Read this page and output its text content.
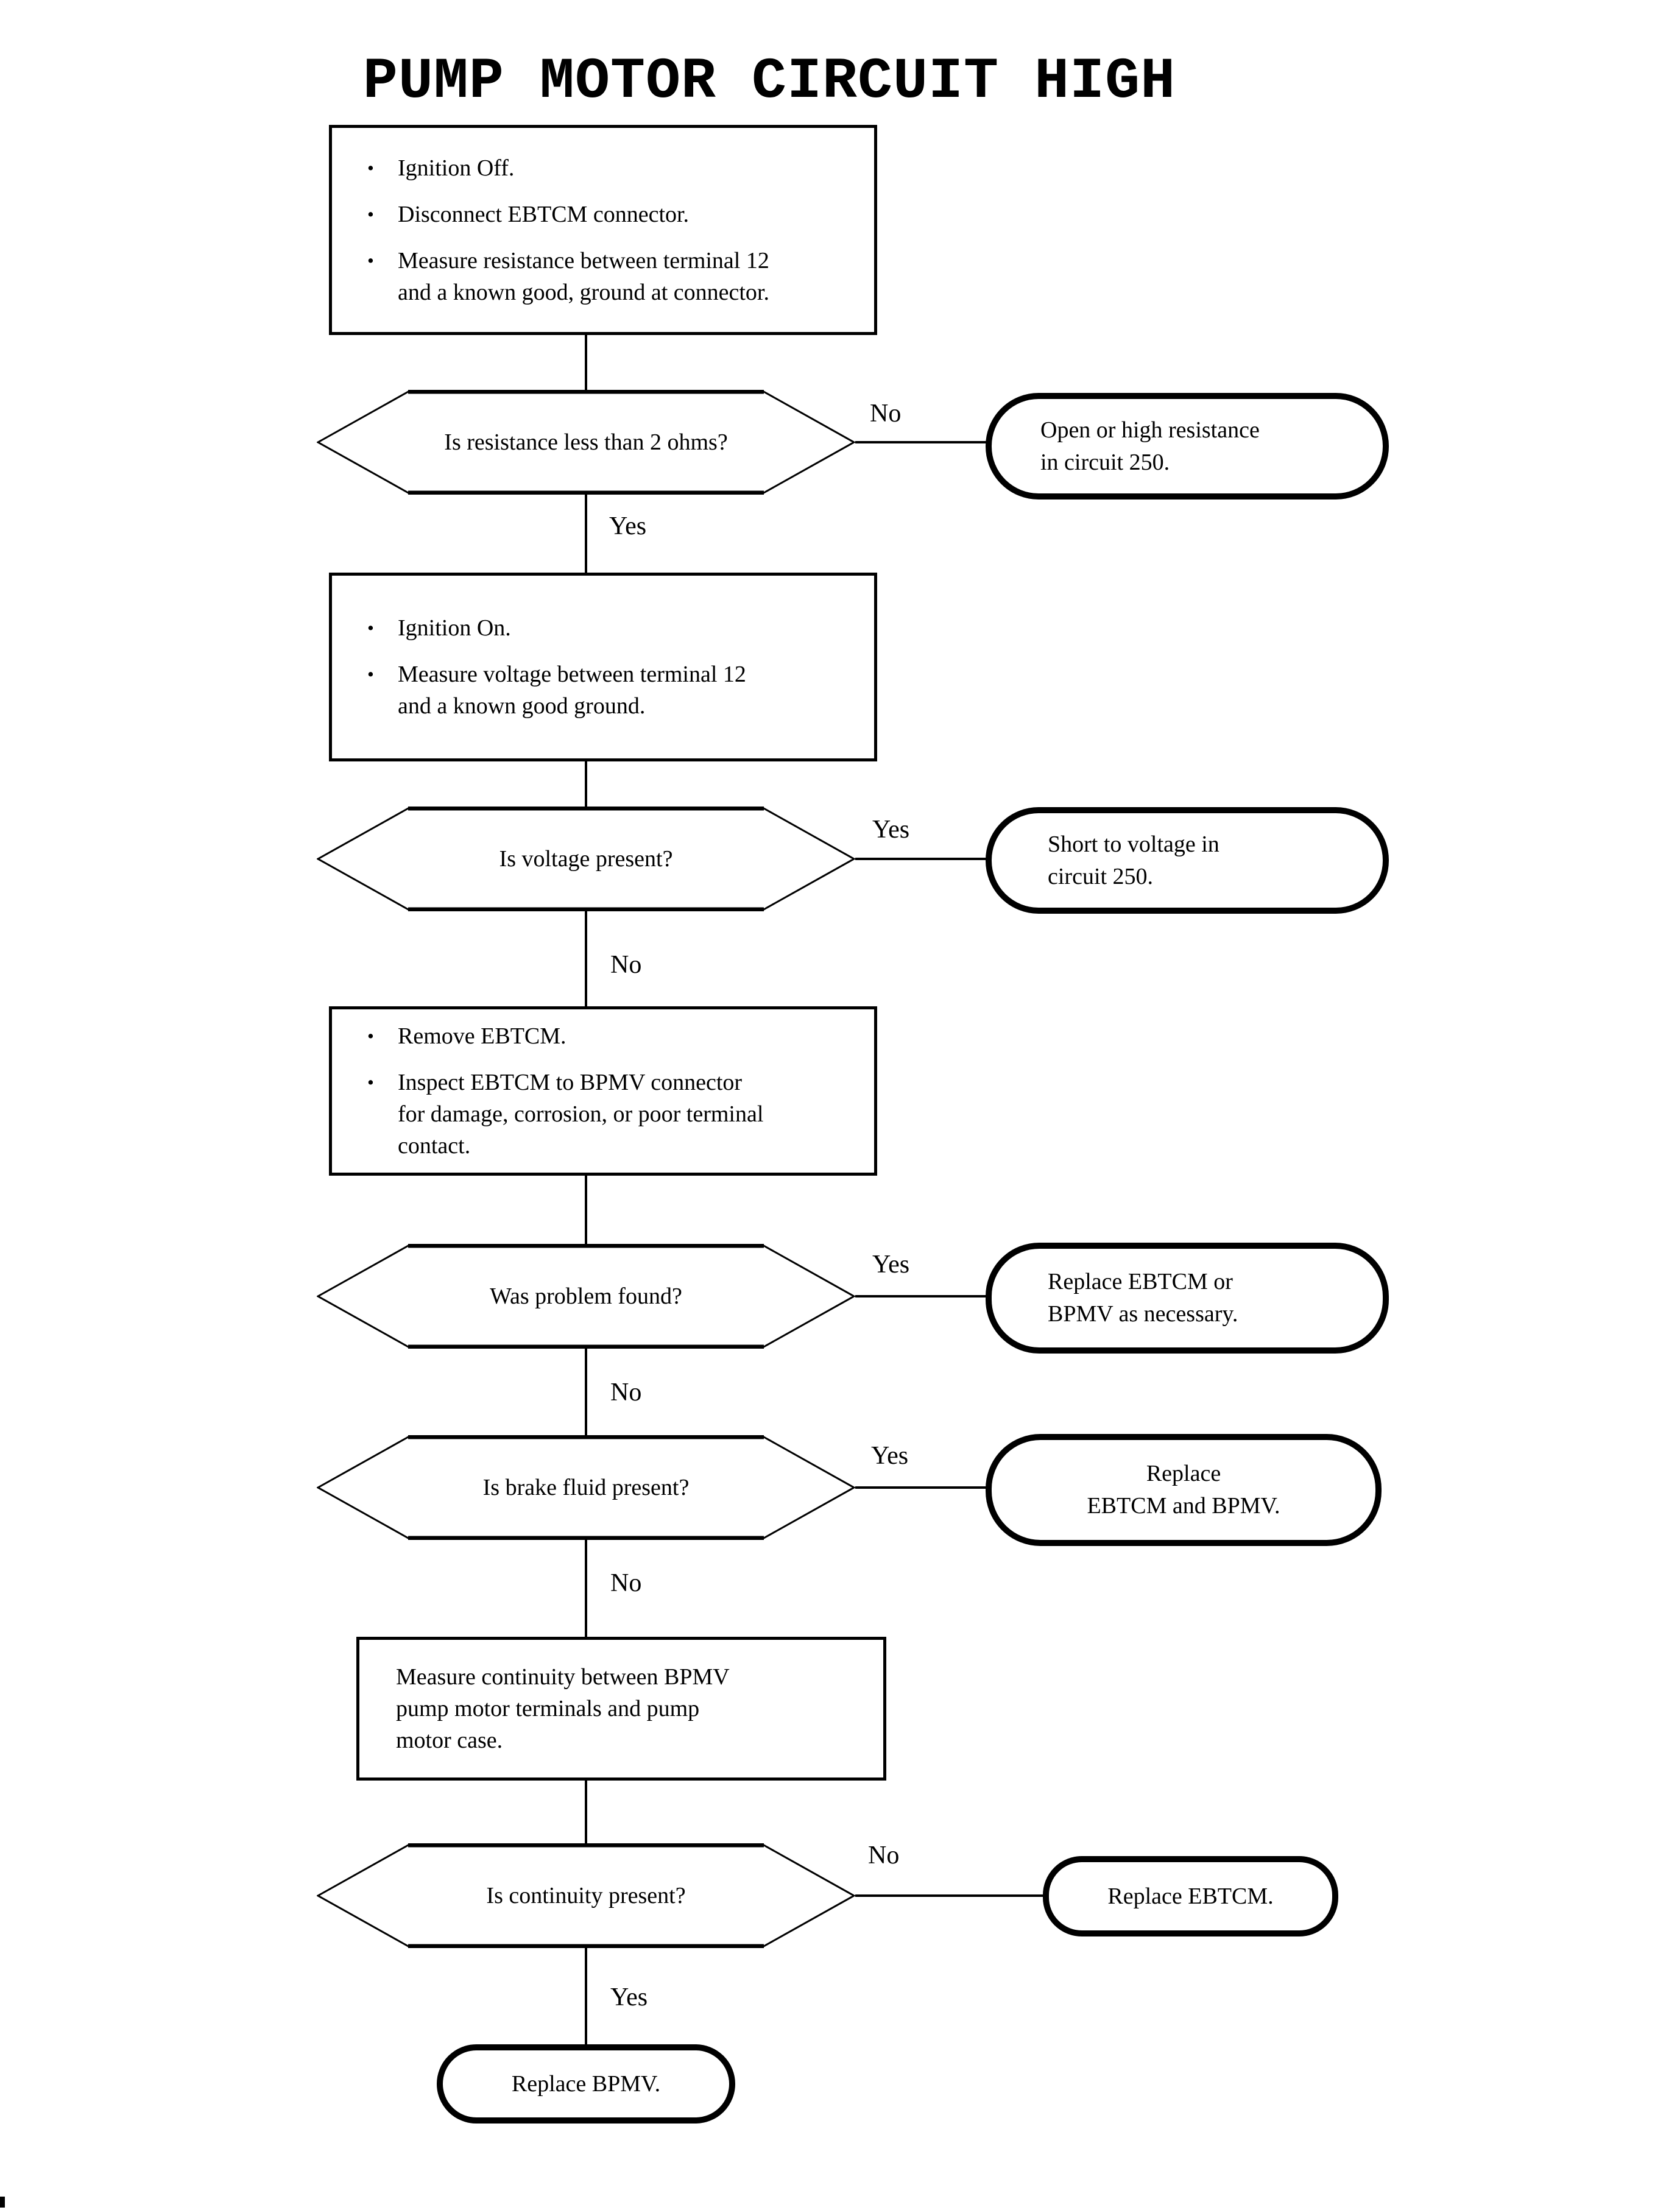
PUMP MOTOR CIRCUIT HIGH
•	Ignition Off.
•	Disconnect EBTCM connector.
•	Measure resistance between terminal 12
and a known good, ground at connector.
Is resistance less than 2 ohms?
No
Open or high resistance
in circuit 250.
Yes
•	Ignition On.
•	Measure voltage between terminal 12
and a known good ground.
Is voltage present?
Yes
Short to voltage in
circuit 250.
No
•	Remove EBTCM.
•	Inspect EBTCM to BPMV connector
for damage, corrosion, or poor terminal
contact.
Was problem found?
Yes
Replace EBTCM or
BPMV as necessary.
No
Is brake fluid present?
Yes
Replace
EBTCM and BPMV.
No
Measure continuity between BPMV
pump motor terminals and pump
motor case.
Is continuity present?
No
Replace EBTCM.
Yes
Replace BPMV.
